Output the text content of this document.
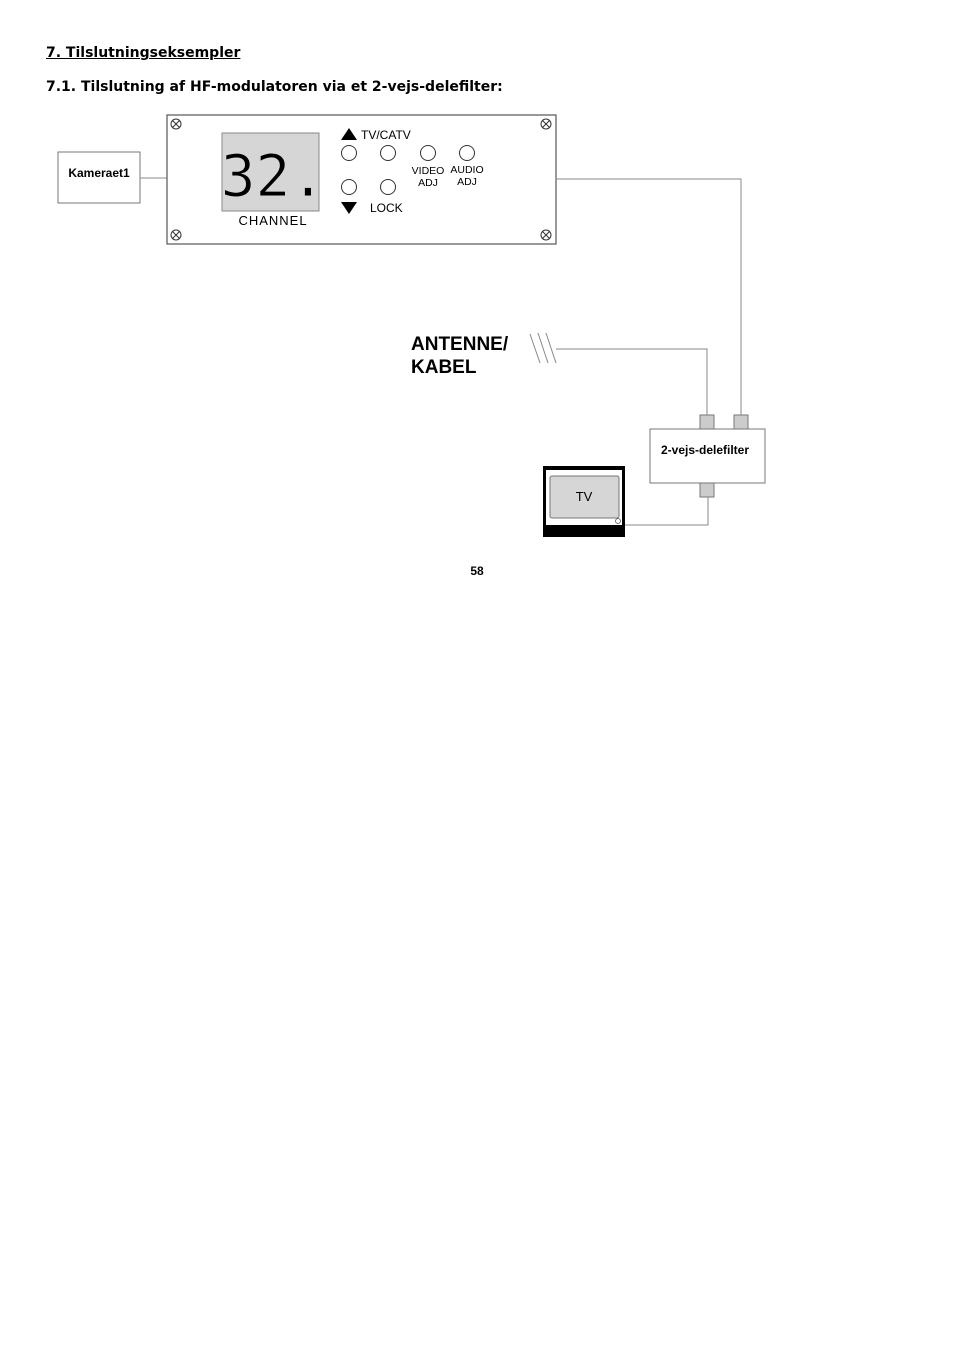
7. Tilslutningseksempler
7.1. Tilslutning af HF-modulatoren via et 2-vejs-delefilter:
Kameraet1 32.
CHANNEL
TV/CATV
VIDEO
ADJ
AUDIO
ADJ
LOCK
ANTENNE/
KABEL
2-vejs-delefilter
TV
58
